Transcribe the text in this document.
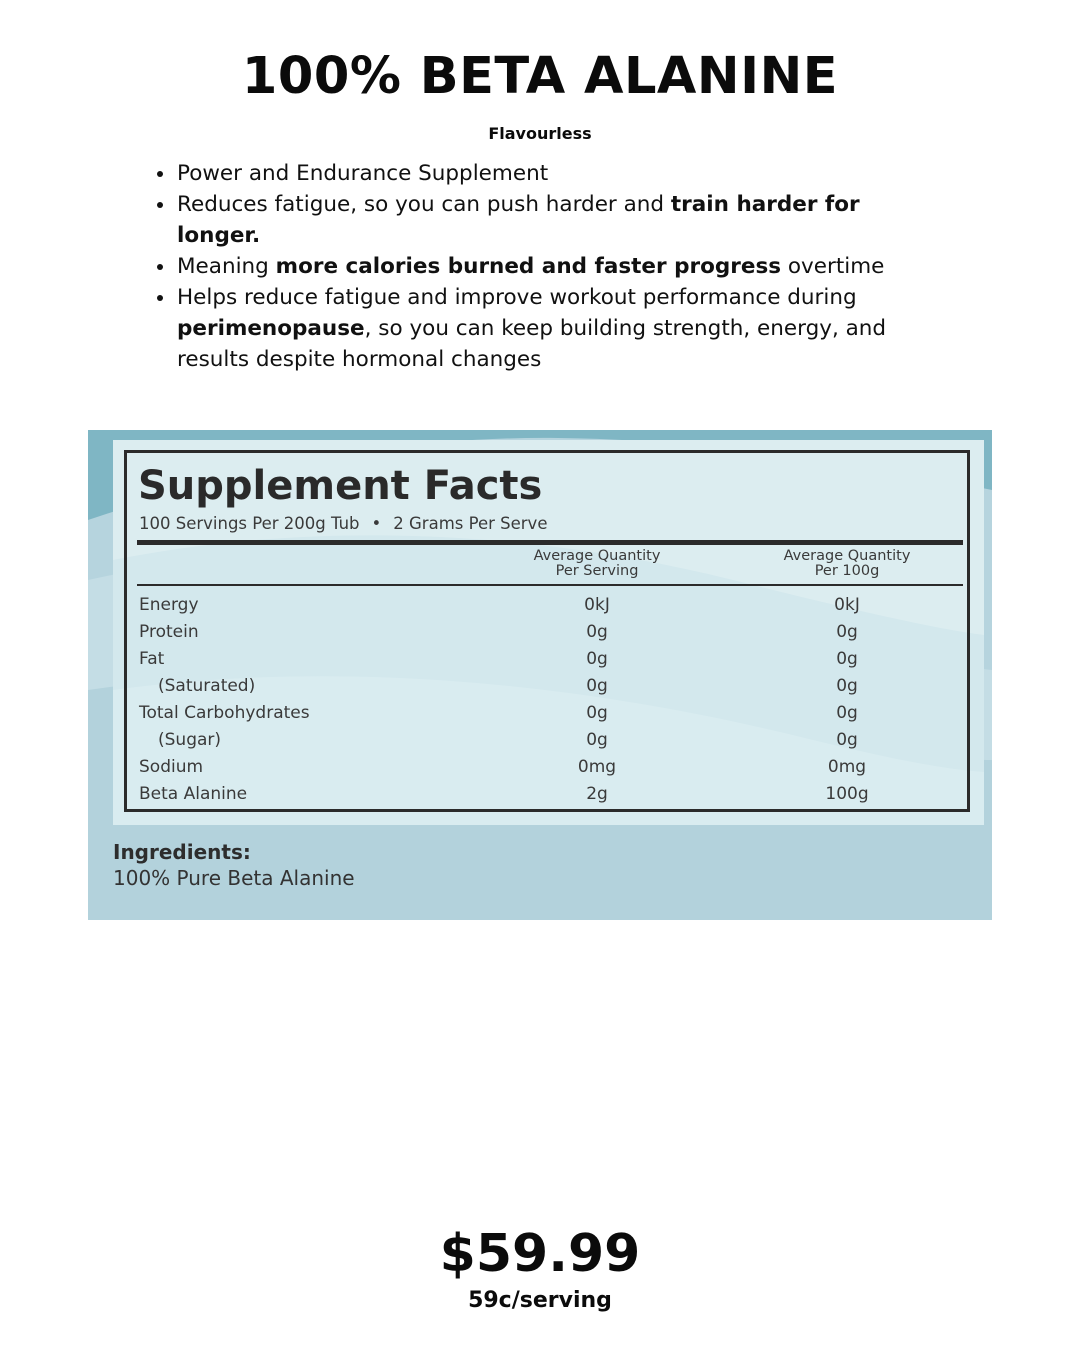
100% BETA ALANINE
Flavourless
Power and Endurance Supplement
Reduces fatigue, so you can push harder and train harder for longer.
Meaning more calories burned and faster progress overtime
Helps reduce fatigue and improve workout performance during perimenopause, so you can keep building strength, energy, and results despite hormonal changes
Supplement Facts
100 Servings Per 200g Tub • 2 Grams Per Serve
Average Quantity
Per Serving
Average Quantity
Per 100g
Energy	0kJ	0kJ
Protein	0g	0g
Fat	0g	0g
(Saturated)	0g	0g
Total Carbohydrates	0g	0g
(Sugar)	0g	0g
Sodium	0mg	0mg
Beta Alanine	2g	100g
Ingredients:
100% Pure Beta Alanine
$59.99
59c/serving
